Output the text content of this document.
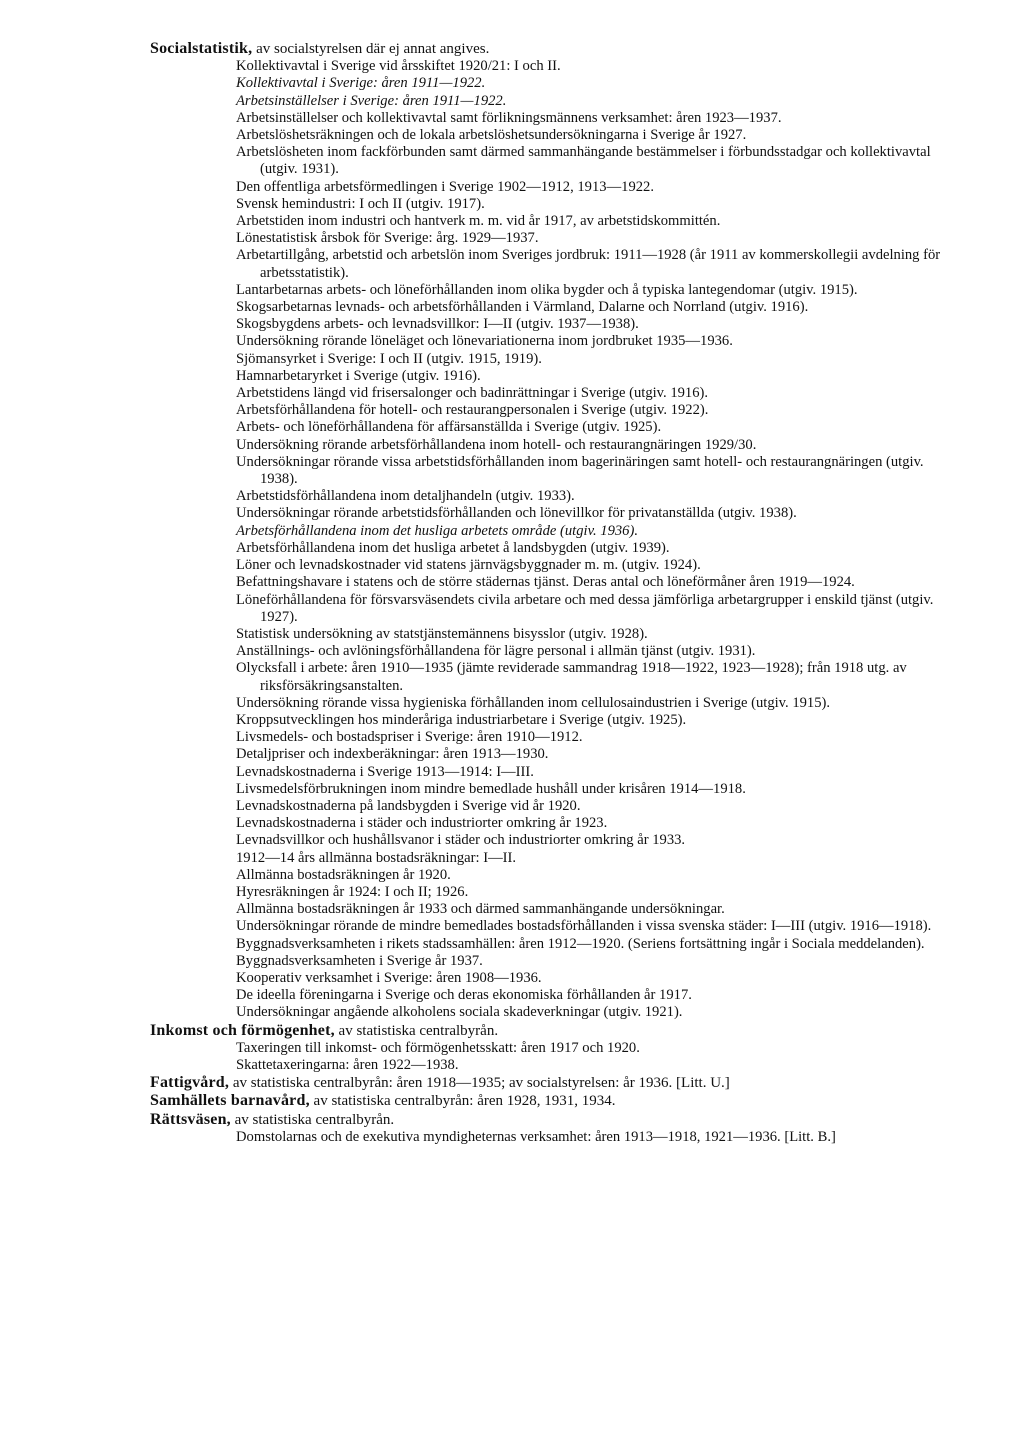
Socialstatistik, av socialstyrelsen där ej annat angives.

Kollektivavtal i Sverige vid årsskiftet 1920/21: I och II.
Kollektivavtal i Sverige: åren 1911—1922.
Arbetsinställelser i Sverige: åren 1911—1922.
Arbetsinställelser och kollektivavtal samt förlikningsmännens verksamhet: åren 1923—1937.
Arbetslöshetsräkningen och de lokala arbetslöshetsundersökningarna i Sverige år 1927.
Arbetslösheten inom fackförbunden samt därmed sammanhängande bestämmelser i förbundsstadgar och kollektivavtal (utgiv. 1931).
Den offentliga arbetsförmedlingen i Sverige 1902—1912, 1913—1922.
Svensk hemindustri: I och II (utgiv. 1917).
Arbetstiden inom industri och hantverk m. m. vid år 1917, av arbetstidskommittén.
Lönestatistisk årsbok för Sverige: årg. 1929—1937.
Arbetartillgång, arbetstid och arbetslön inom Sveriges jordbruk: 1911—1928 (år 1911 av kommerskollegii avdelning för arbetsstatistik).
Lantarbetarnas arbets- och löneförhållanden inom olika bygder och å typiska lantegendomar (utgiv. 1915).
Skogsarbetarnas levnads- och arbetsförhållanden i Värmland, Dalarne och Norrland (utgiv. 1916).
Skogsbygdens arbets- och levnadsvillkor: I—II (utgiv. 1937—1938).
Undersökning rörande löneläget och lönevariationerna inom jordbruket 1935—1936.
Sjömansyrket i Sverige: I och II (utgiv. 1915, 1919).
Hamnarbetaryrket i Sverige (utgiv. 1916).
Arbetstidens längd vid frisersalonger och badinrättningar i Sverige (utgiv. 1916).
Arbetsförhållandena för hotell- och restaurangpersonalen i Sverige (utgiv. 1922).
Arbets- och löneförhållandena för affärsanställda i Sverige (utgiv. 1925).
Undersökning rörande arbetsförhållandena inom hotell- och restaurangnäringen 1929/30.
Undersökningar rörande vissa arbetstidsförhållanden inom bagerinäringen samt hotell- och restaurangnäringen (utgiv. 1938).
Arbetstidsförhållandena inom detaljhandeln (utgiv. 1933).
Undersökningar rörande arbetstidsförhållanden och lönevillkor för privatanställda (utgiv. 1938).
Arbetsförhållandena inom det husliga arbetets område (utgiv. 1936).
Arbetsförhållandena inom det husliga arbetet å landsbygden (utgiv. 1939).
Löner och levnadskostnader vid statens järnvägsbyggnader m. m. (utgiv. 1924).
Befattningshavare i statens och de större städernas tjänst. Deras antal och löneförmåner åren 1919—1924.
Löneförhållandena för försvarsväsendets civila arbetare och med dessa jämförliga arbetargrupper i enskild tjänst (utgiv. 1927).
Statistisk undersökning av statstjänstemännens bisysslor (utgiv. 1928).
Anställnings- och avlöningsförhållandena för lägre personal i allmän tjänst (utgiv. 1931).
Olycksfall i arbete: åren 1910—1935 (jämte reviderade sammandrag 1918—1922, 1923—1928); från 1918 utg. av riksförsäkringsanstalten.
Undersökning rörande vissa hygieniska förhållanden inom cellulosaindustrien i Sverige (utgiv. 1915).
Kroppsutvecklingen hos minderåriga industriarbetare i Sverige (utgiv. 1925).
Livsmedels- och bostadspriser i Sverige: åren 1910—1912.
Detaljpriser och indexberäkningar: åren 1913—1930.
Levnadskostnaderna i Sverige 1913—1914: I—III.
Livsmedelsförbrukningen inom mindre bemedlade hushåll under krisåren 1914—1918.
Levnadskostnaderna på landsbygden i Sverige vid år 1920.
Levnadskostnaderna i städer och industriorter omkring år 1923.
Levnadsvillkor och hushållsvanor i städer och industriorter omkring år 1933.
1912—14 års allmänna bostadsräkningar: I—II.
Allmänna bostadsräkningen år 1920.
Hyresräkningen år 1924: I och II; 1926.
Allmänna bostadsräkningen år 1933 och därmed sammanhängande undersökningar.
Undersökningar rörande de mindre bemedlades bostadsförhållanden i vissa svenska städer: I—III (utgiv. 1916—1918).
Byggnadsverksamheten i rikets stadssamhällen: åren 1912—1920. (Seriens fortsättning ingår i Sociala meddelanden).
Byggnadsverksamheten i Sverige år 1937.
Kooperativ verksamhet i Sverige: åren 1908—1936.
De ideella föreningarna i Sverige och deras ekonomiska förhållanden år 1917.
Undersökningar angående alkoholens sociala skadeverkningar (utgiv. 1921).

Inkomst och förmögenhet, av statistiska centralbyrån.

Taxeringen till inkomst- och förmögenhetsskatt: åren 1917 och 1920.
Skattetaxeringarna: åren 1922—1938.

Fattigvård, av statistiska centralbyrån: åren 1918—1935; av socialstyrelsen: år 1936. [Litt. U.]

Samhällets barnavård, av statistiska centralbyrån: åren 1928, 1931, 1934.

Rättsväsen, av statistiska centralbyrån.

Domstolarnas och de exekutiva myndigheternas verksamhet: åren 1913—1918, 1921—1936. [Litt. B.]
